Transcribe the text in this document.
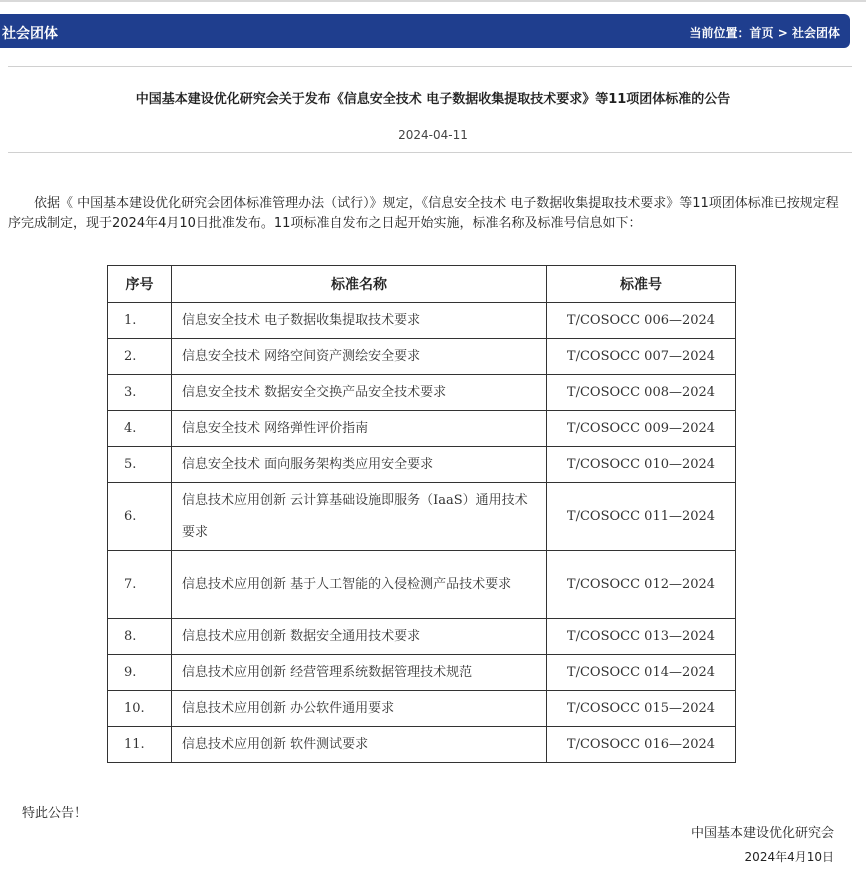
社会团体	当前位置：首页 > 社会团体
中国基本建设优化研究会关于发布《信息安全技术 电子数据收集提取技术要求》等11项团体标准的公告
2024-04-11
依据《 中国基本建设优化研究会团体标准管理办法（试行）》规定，《信息安全技术 电子数据收集提取技术要求》等11项团体标准已按规定程序完成制定，现于2024年4月10日批准发布。11项标准自发布之日起开始实施，标准名称及标准号信息如下：
序号	标准名称	标准号
1.	信息安全技术 电子数据收集提取技术要求	T/COSOCC 006—2024
2.	信息安全技术 网络空间资产测绘安全要求	T/COSOCC 007—2024
3.	信息安全技术 数据安全交换产品安全技术要求	T/COSOCC 008—2024
4.	信息安全技术 网络弹性评价指南	T/COSOCC 009—2024
5.	信息安全技术 面向服务架构类应用安全要求	T/COSOCC 010—2024
6.	信息技术应用创新 云计算基础设施即服务（IaaS）通用技术要求	T/COSOCC 011—2024
7.	信息技术应用创新 基于人工智能的入侵检测产品技术要求	T/COSOCC 012—2024
8.	信息技术应用创新 数据安全通用技术要求	T/COSOCC 013—2024
9.	信息技术应用创新 经营管理系统数据管理技术规范	T/COSOCC 014—2024
10.	信息技术应用创新 办公软件通用要求	T/COSOCC 015—2024
11.	信息技术应用创新 软件测试要求	T/COSOCC 016—2024
特此公告！
中国基本建设优化研究会
2024年4月10日
